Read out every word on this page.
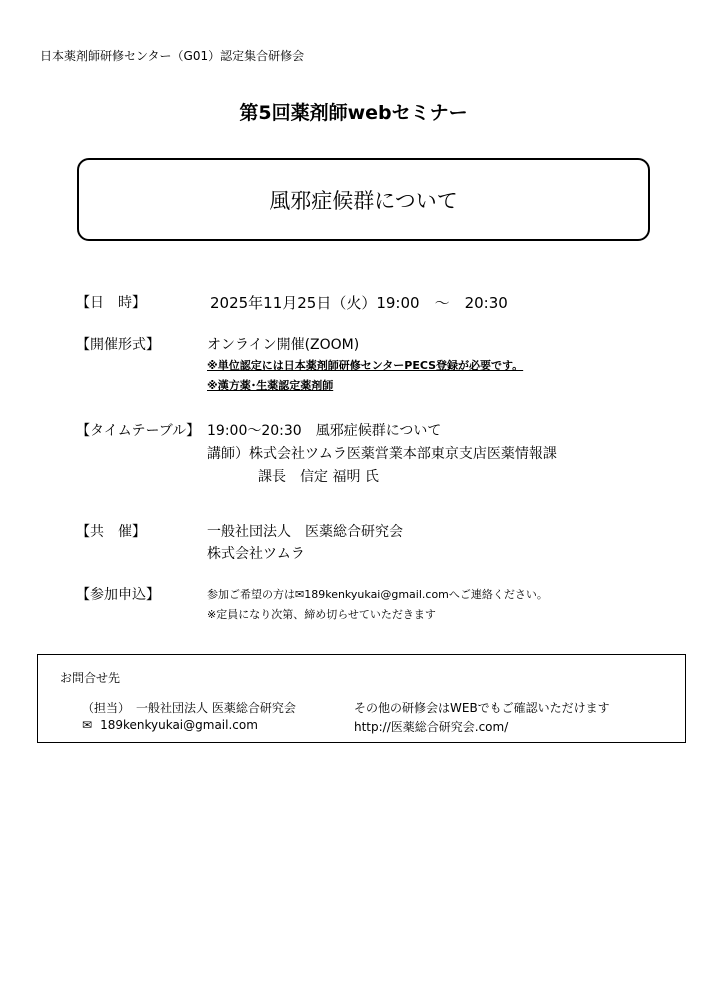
日本薬剤師研修センター（G01）認定集合研修会
第5回薬剤師webセミナー
風邪症候群について
【日　時】	2025年11月25日（火）19:00　～　20:30
【開催形式】	オンライン開催(ZOOM)
※単位認定には日本薬剤師研修センターPECS登録が必要です。
※漢方薬･生薬認定薬剤師
【タイムテーブル】 19:00～20:30　風邪症候群について
講師）株式会社ツムラ医薬営業本部東京支店医薬情報課
課長　信定 福明 氏
【共　催】	一般社団法人　医薬総合研究会
株式会社ツムラ
【参加申込】	参加ご希望の方は✉189kenkyukai@gmail.comへご連絡ください。
※定員になり次第、締め切らせていただきます
お問合せ先
（担当）　一般社団法人 医薬総合研究会
✉ 189kenkyukai@gmail.com
その他の研修会はWEBでもご確認いただけます
http://医薬総合研究会.com/
